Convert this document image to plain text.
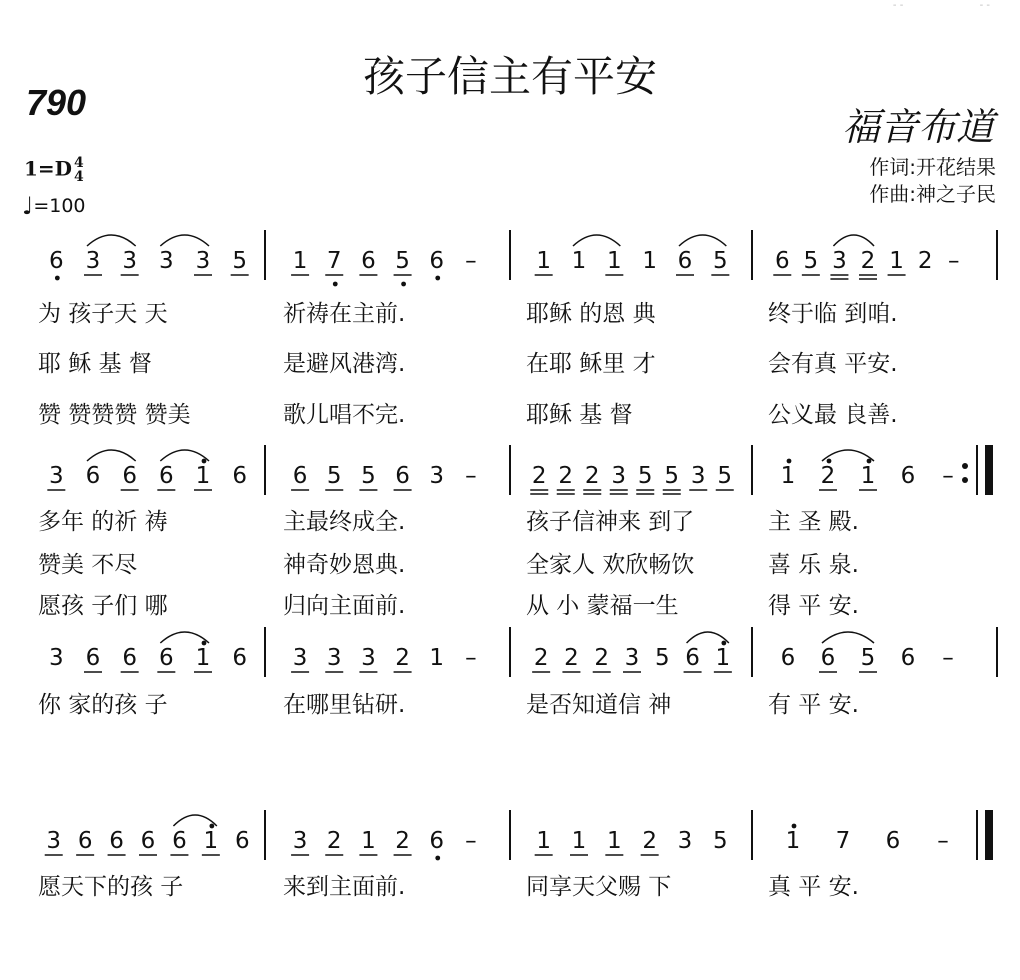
- -                        - -
孩子信主有平安
790
福音布道
1=D 4
4
♩=100
作词:开花结果
作曲:神之子民
6 3 3 3 3 5 1 7 6 5 6 –	1 1 1 1 6 5 6 5 3 2 1 2 –
为 孩子天 天	祈祷在主前.	耶稣 的恩 典	终于临 到咱.
耶 稣 基 督	是避风港湾.	在耶 稣里 才	会有真 平安.
赞 赞赞赞 赞美	歌儿唱不完.	耶稣 基 督	公义最 良善.
3 6 6 6 1 6 6 5 5 6 3 – 2 2 2 3 5 5 3 5 1 2 1 6 –
多年 的祈 祷	主最终成全.	孩子信神来 到了	主 圣 殿.
赞美 不尽	神奇妙恩典.	全家人 欢欣畅饮	喜 乐 泉.
愿孩 子们 哪	归向主面前.	从 小 蒙福一生	得 平 安.
3 6 6 6 1 6 3 3 3 2 1 – 2 2 2 3 5 6 1 6 6 5 6 –
你 家的孩 子	在哪里钻研.	是否知道信 神	有 平 安.
3 6 6 6 6 1 6 3 2 1 2 6 –	1 1 1 2 3 5	1 7 6 –
愿天下的孩 子	来到主面前.	同享天父赐 下	真 平 安.
